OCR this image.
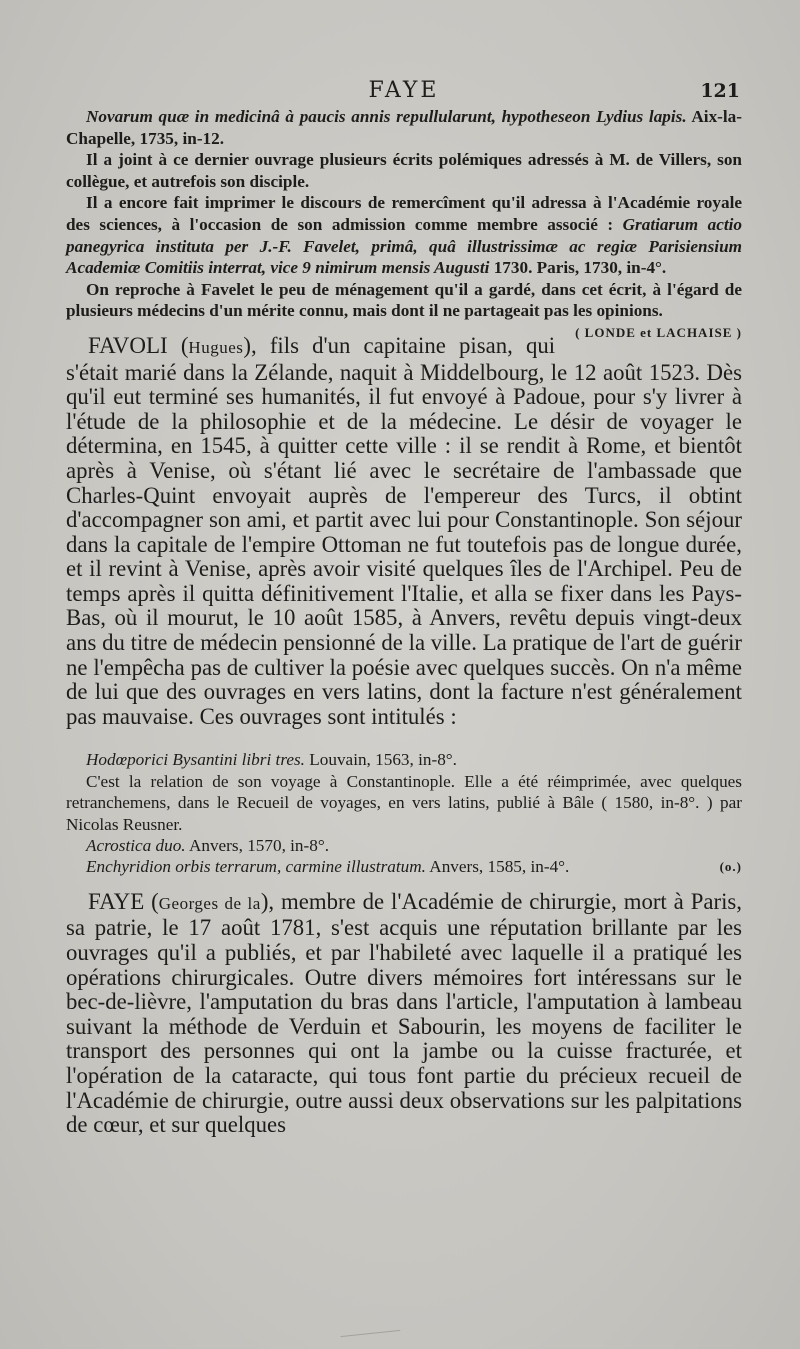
FAYE	121

Novarum quæ in medicinâ à paucis annis repullularunt, hypotheseon Lydius lapis. Aix-la-Chapelle, 1735, in-12.

Il a joint à ce dernier ouvrage plusieurs écrits polémiques adressés à M. de Villers, son collègue, et autrefois son disciple.

Il a encore fait imprimer le discours de remercîment qu'il adressa à l'Académie royale des sciences, à l'occasion de son admission comme membre associé : Gratiarum actio panegyrica instituta per J.-F. Favelet, primâ, quâ illustrissimæ ac regiæ Parisiensium Academiæ Comitiis interrat, vice 9 nimirum mensis Augusti 1730. Paris, 1730, in-4°.

On reproche à Favelet le peu de ménagement qu'il a gardé, dans cet écrit, à l'égard de plusieurs médecins d'un mérite connu, mais dont il ne partageait pas les opinions.
( LONDE et LACHAISE )

FAVOLI (Hugues), fils d'un capitaine pisan, qui s'était marié dans la Zélande, naquit à Middelbourg, le 12 août 1523. Dès qu'il eut terminé ses humanités, il fut envoyé à Padoue, pour s'y livrer à l'étude de la philosophie et de la médecine. Le désir de voyager le détermina, en 1545, à quitter cette ville : il se rendit à Rome, et bientôt après à Venise, où s'étant lié avec le secrétaire de l'ambassade que Charles-Quint envoyait auprès de l'empereur des Turcs, il obtint d'accompagner son ami, et partit avec lui pour Constantinople. Son séjour dans la capitale de l'empire Ottoman ne fut toutefois pas de longue durée, et il revint à Venise, après avoir visité quelques îles de l'Archipel. Peu de temps après il quitta définitivement l'Italie, et alla se fixer dans les Pays-Bas, où il mourut, le 10 août 1585, à Anvers, revêtu depuis vingt-deux ans du titre de médecin pensionné de la ville. La pratique de l'art de guérir ne l'empêcha pas de cultiver la poésie avec quelques succès. On n'a même de lui que des ouvrages en vers latins, dont la facture n'est généralement pas mauvaise. Ces ouvrages sont intitulés :

Hodœporici Bysantini libri tres. Louvain, 1563, in-8°.

C'est la relation de son voyage à Constantinople. Elle a été réimprimée, avec quelques retranchemens, dans le Recueil de voyages, en vers latins, publié à Bâle ( 1580, in-8°. ) par Nicolas Reusner.

Acrostica duo. Anvers, 1570, in-8°.

Enchyridion orbis terrarum, carmine illustratum. Anvers, 1585, in-4°.	(o.)

FAYE (Georges de la), membre de l'Académie de chirurgie, mort à Paris, sa patrie, le 17 août 1781, s'est acquis une réputation brillante par les ouvrages qu'il a publiés, et par l'habileté avec laquelle il a pratiqué les opérations chirurgicales. Outre divers mémoires fort intéressans sur le bec-de-lièvre, l'amputation du bras dans l'article, l'amputation à lambeau suivant la méthode de Verduin et Sabourin, les moyens de faciliter le transport des personnes qui ont la jambe ou la cuisse fracturée, et l'opération de la cataracte, qui tous font partie du précieux recueil de l'Académie de chirurgie, outre aussi deux observations sur les palpitations de cœur, et sur quelques
